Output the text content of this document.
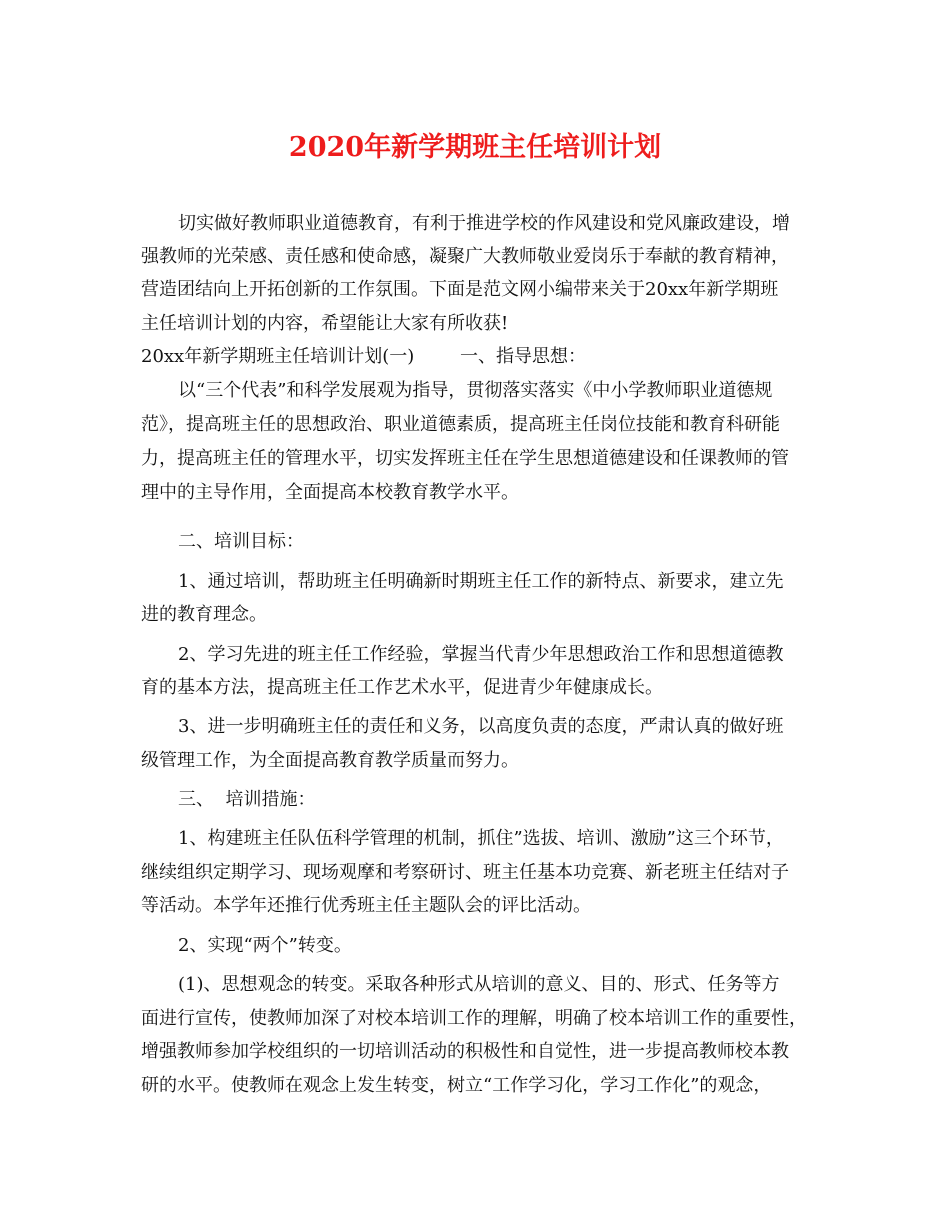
2020年新学期班主任培训计划
切实做好教师职业道德教育，有利于推进学校的作风建设和党风廉政建设，增
强教师的光荣感、责任感和使命感，凝聚广大教师敬业爱岗乐于奉献的教育精神，
营造团结向上开拓创新的工作氛围。下面是范文网小编带来关于20xx年新学期班
主任培训计划的内容，希望能让大家有所收获!
20xx年新学期班主任培训计划(一)        一、指导思想：
以“三个代表”和科学发展观为指导，贯彻落实落实《中小学教师职业道德规
范》，提高班主任的思想政治、职业道德素质，提高班主任岗位技能和教育科研能
力，提高班主任的管理水平，切实发挥班主任在学生思想道德建设和任课教师的管
理中的主导作用，全面提高本校教育教学水平。
二、培训目标：
1、通过培训，帮助班主任明确新时期班主任工作的新特点、新要求，建立先
进的教育理念。
2、学习先进的班主任工作经验，掌握当代青少年思想政治工作和思想道德教
育的基本方法，提高班主任工作艺术水平，促进青少年健康成长。
3、进一步明确班主任的责任和义务，以高度负责的态度，严肃认真的做好班
级管理工作，为全面提高教育教学质量而努力。
三、  培训措施：
1、构建班主任队伍科学管理的机制，抓住”选拔、培训、激励”这三个环节，
继续组织定期学习、现场观摩和考察研讨、班主任基本功竞赛、新老班主任结对子
等活动。本学年还推行优秀班主任主题队会的评比活动。
2、实现“两个”转变。
(1)、思想观念的转变。采取各种形式从培训的意义、目的、形式、任务等方
面进行宣传，使教师加深了对校本培训工作的理解，明确了校本培训工作的重要性，
增强教师参加学校组织的一切培训活动的积极性和自觉性，进一步提高教师校本教
研的水平。使教师在观念上发生转变，树立“工作学习化，学习工作化”的观念，
